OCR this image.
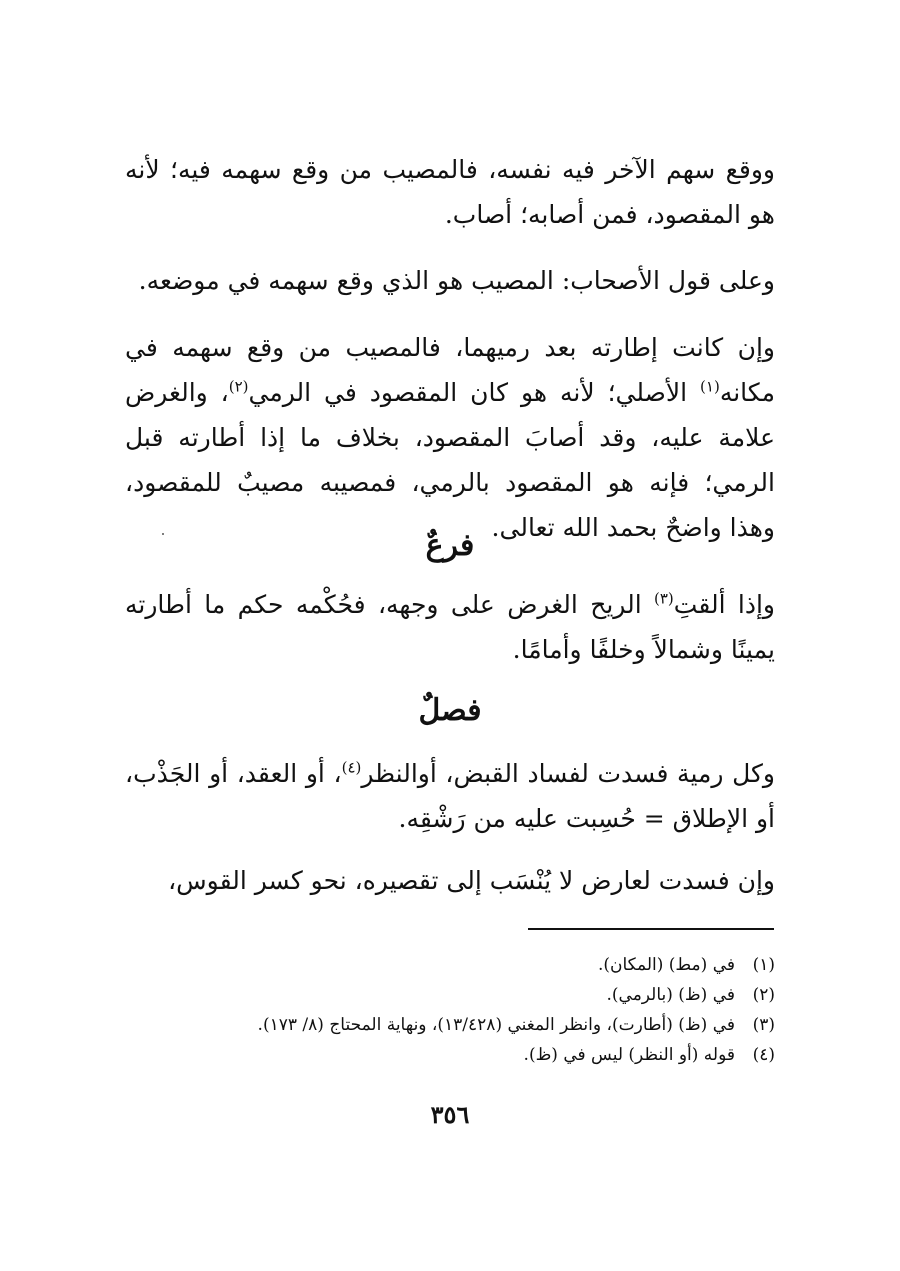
ووقع سهم الآخر فيه نفسه، فالمصيب من وقع سهمه فيه؛ لأنه هو المقصود، فمن أصابه؛ أصاب.

وعلى قول الأصحاب: المصيب هو الذي وقع سهمه في موضعه.

وإن كانت إطارته بعد رميهما، فالمصيب من وقع سهمه في مكانه$^{(١)}$ الأصلي؛ لأنه هو كان المقصود في الرمي$^{(٢)}$، والغرض علامة عليه، وقد أصابَ المقصود، بخلاف ما إذا أطارته قبل الرمي؛ فإنه هو المقصود بالرمي، فمصيبه مصيبٌ للمقصود، وهذا واضحٌ بحمد الله تعالى.

فرعٌ

وإذا ألقتِ$^{(٣)}$ الريح الغرض على وجهه، فحُكْمه حكم ما أطارته يمينًا وشمالاً وخلفًا وأمامًا.

فصلٌ

وكل رمية فسدت لفساد القبض، أوالنظر$^{(٤)}$، أو العقد، أو الجَذْب، أو الإطلاق = حُسِبت عليه من رَشْقِه.

وإن فسدت لعارض لا يُنْسَب إلى تقصيره، نحو كسر القوس،

(١)في (مط) (المكان).
(٢)في (ظ) (بالرمي).
(٣)في (ظ) (أطارت)، وانظر المغني (١٣/٤٢٨)، ونهاية المحتاج (٨/ ١٧٣).
(٤)قوله (أو النظر) ليس في (ظ).
٣٥٦
